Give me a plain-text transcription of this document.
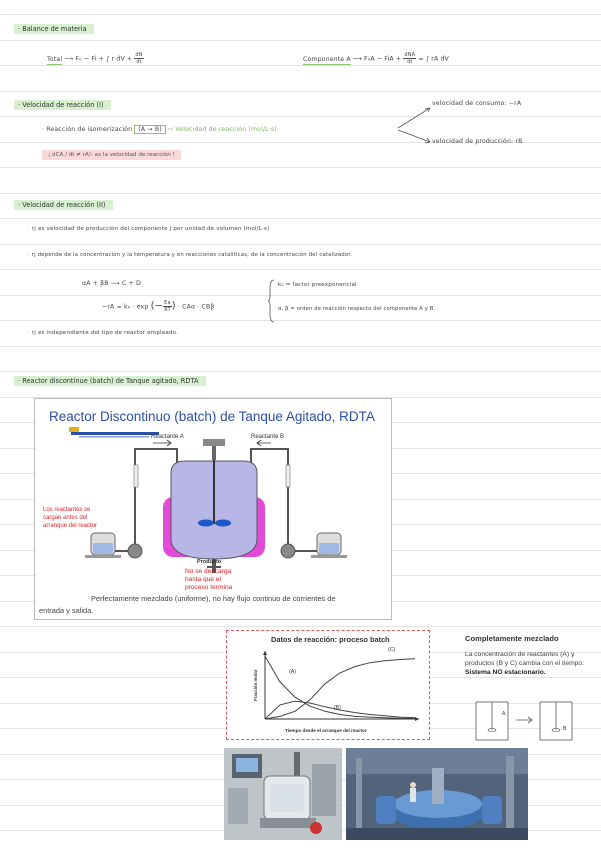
· Balance de materia
Total ⟶ F₀ − Fi + ∫ r dV + $\frac{dN}{dt}$	Componente A ⟶ F₀A − FiA + $\frac{\text{dNA}}{dt}$ = ∫ rA dV
· Velocidad de reacción (I)
· Reacción de isomerización (A → B) ⇨ Velocidad de reacción (mol/L·s)
velocidad de consumo: −rA
velocidad de producción: rB
¡ dCA / dt ≠ rA!: es la velocidad de reacción !
· Velocidad de reacción (II)
· rj es velocidad de producción del componente j por unidad de volumen (mol/L·s)
· rj depende de la concentración y la temperatura y en reacciones catalíticas, de la concentración del catalizador.
αA + βB ⟶ C + D
−rA = k₀ · exp (− $\frac{Ea}{RT}$ ) · CAα · CBβ
k₀ = factor preexponencial
α, β = orden de reacción respecto del componente A y B.
· rj es independiente del tipo de reactor empleado.
· Reactor discontinue (batch) de Tanque agitado, RDTA
Reactor Discontinuo (batch) de Tanque Agitado, RDTA
Reactante A	Reactante B
Los reactantes se
cargan antes del
arranque del reactor
Producto
No se descarga
hasta que el
proceso termina
Perfectamente mezclado (uniforme), no hay flujo continuo de corrientes de
entrada y salida.
Datos de reacción: proceso batch
(A)
(B)
(C)
Tiempo desde el arranque del reactor
Fracción molar
Completamente mezclado
La concentración de reactantes (A) y productos (B y C) cambia con el tiempo: Sistema NO estacionario.
A
B
